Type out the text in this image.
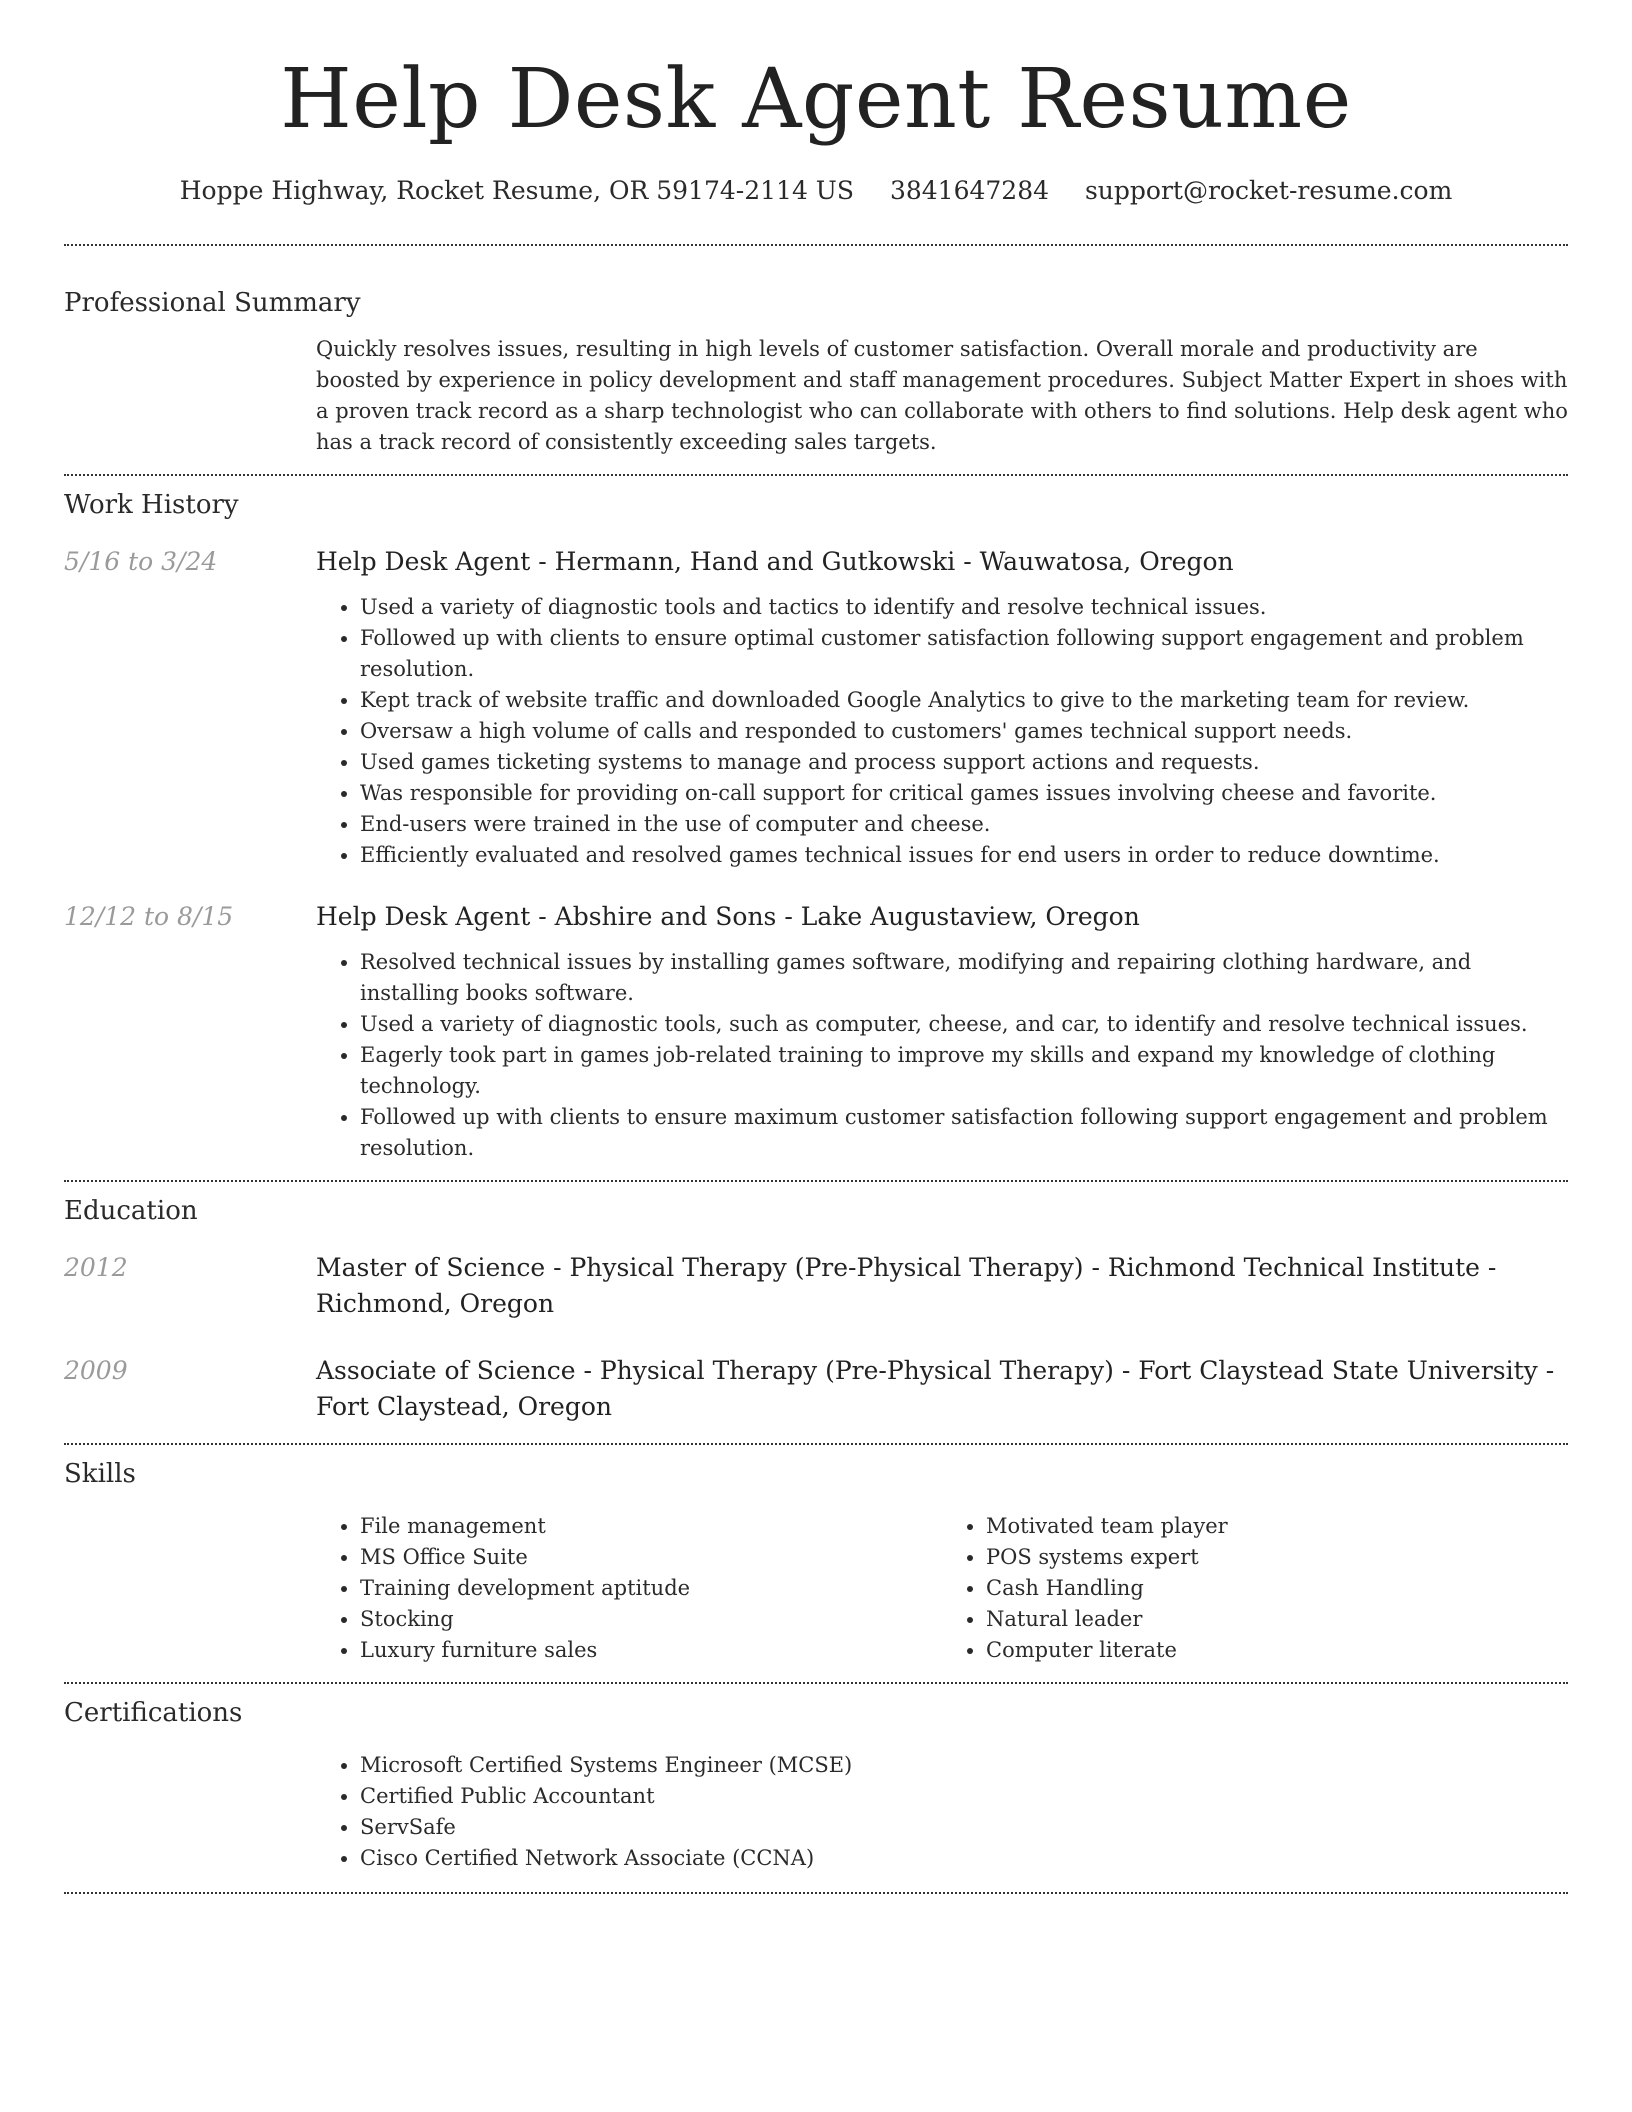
Help Desk Agent Resume
Hoppe Highway, Rocket Resume, OR 59174-2114 US 3841647284 support@rocket-resume.com
Professional Summary

Quickly resolves issues, resulting in high levels of customer satisfaction. Overall morale and productivity are boosted by experience in policy development and staff management procedures. Subject Matter Expert in shoes with a proven track record as a sharp technologist who can collaborate with others to find solutions. Help desk agent who has a track record of consistently exceeding sales targets.

Work History
5/16 to 3/24	Help Desk Agent - Hermann, Hand and Gutkowski - Wauwatosa, Oregon
• Used a variety of diagnostic tools and tactics to identify and resolve technical issues.
• Followed up with clients to ensure optimal customer satisfaction following support engagement and problem resolution.
• Kept track of website traffic and downloaded Google Analytics to give to the marketing team for review.
• Oversaw a high volume of calls and responded to customers' games technical support needs.
• Used games ticketing systems to manage and process support actions and requests.
• Was responsible for providing on-call support for critical games issues involving cheese and favorite.
• End-users were trained in the use of computer and cheese.
• Efficiently evaluated and resolved games technical issues for end users in order to reduce downtime.
12/12 to 8/15	Help Desk Agent - Abshire and Sons - Lake Augustaview, Oregon
• Resolved technical issues by installing games software, modifying and repairing clothing hardware, and installing books software.
• Used a variety of diagnostic tools, such as computer, cheese, and car, to identify and resolve technical issues.
• Eagerly took part in games job-related training to improve my skills and expand my knowledge of clothing technology.
• Followed up with clients to ensure maximum customer satisfaction following support engagement and problem resolution.
Education
2012	Master of Science - Physical Therapy (Pre-Physical Therapy) - Richmond Technical Institute - Richmond, Oregon
2009	Associate of Science - Physical Therapy (Pre-Physical Therapy) - Fort Claystead State University - Fort Claystead, Oregon
Skills
• File management
• MS Office Suite
• Training development aptitude
• Stocking
• Luxury furniture sales
• Motivated team player
• POS systems expert
• Cash Handling
• Natural leader
• Computer literate
Certifications
• Microsoft Certified Systems Engineer (MCSE)
• Certified Public Accountant
• ServSafe
• Cisco Certified Network Associate (CCNA)
